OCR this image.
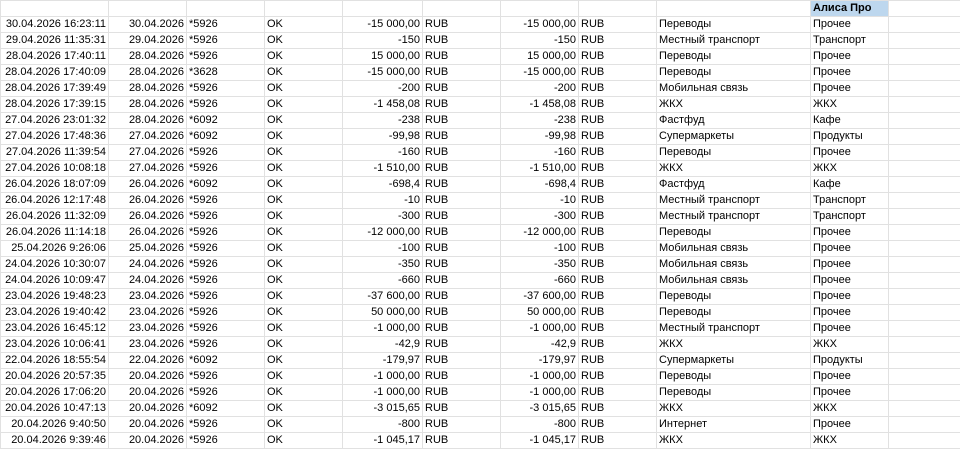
									Алиса Про	
30.04.2026 16:23:11	30.04.2026	*5926	OK	-15 000,00	RUB	-15 000,00	RUB	Переводы	Прочее	
29.04.2026 11:35:31	29.04.2026	*5926	OK	-150	RUB	-150	RUB	Местный транспорт	Транспорт	
28.04.2026 17:40:11	28.04.2026	*5926	OK	15 000,00	RUB	15 000,00	RUB	Переводы	Прочее	
28.04.2026 17:40:09	28.04.2026	*3628	OK	-15 000,00	RUB	-15 000,00	RUB	Переводы	Прочее	
28.04.2026 17:39:49	28.04.2026	*5926	OK	-200	RUB	-200	RUB	Мобильная связь	Прочее	
28.04.2026 17:39:15	28.04.2026	*5926	OK	-1 458,08	RUB	-1 458,08	RUB	ЖКХ	ЖКХ	
27.04.2026 23:01:32	28.04.2026	*6092	OK	-238	RUB	-238	RUB	Фастфуд	Кафе	
27.04.2026 17:48:36	27.04.2026	*6092	OK	-99,98	RUB	-99,98	RUB	Супермаркеты	Продукты	
27.04.2026 11:39:54	27.04.2026	*5926	OK	-160	RUB	-160	RUB	Переводы	Прочее	
27.04.2026 10:08:18	27.04.2026	*5926	OK	-1 510,00	RUB	-1 510,00	RUB	ЖКХ	ЖКХ	
26.04.2026 18:07:09	26.04.2026	*6092	OK	-698,4	RUB	-698,4	RUB	Фастфуд	Кафе	
26.04.2026 12:17:48	26.04.2026	*5926	OK	-10	RUB	-10	RUB	Местный транспорт	Транспорт	
26.04.2026 11:32:09	26.04.2026	*5926	OK	-300	RUB	-300	RUB	Местный транспорт	Транспорт	
26.04.2026 11:14:18	26.04.2026	*5926	OK	-12 000,00	RUB	-12 000,00	RUB	Переводы	Прочее	
25.04.2026 9:26:06	25.04.2026	*5926	OK	-100	RUB	-100	RUB	Мобильная связь	Прочее	
24.04.2026 10:30:07	24.04.2026	*5926	OK	-350	RUB	-350	RUB	Мобильная связь	Прочее	
24.04.2026 10:09:47	24.04.2026	*5926	OK	-660	RUB	-660	RUB	Мобильная связь	Прочее	
23.04.2026 19:48:23	23.04.2026	*5926	OK	-37 600,00	RUB	-37 600,00	RUB	Переводы	Прочее	
23.04.2026 19:40:42	23.04.2026	*5926	OK	50 000,00	RUB	50 000,00	RUB	Переводы	Прочее	
23.04.2026 16:45:12	23.04.2026	*5926	OK	-1 000,00	RUB	-1 000,00	RUB	Местный транспорт	Прочее	
23.04.2026 10:06:41	23.04.2026	*5926	OK	-42,9	RUB	-42,9	RUB	ЖКХ	ЖКХ	
22.04.2026 18:55:54	22.04.2026	*6092	OK	-179,97	RUB	-179,97	RUB	Супермаркеты	Продукты	
20.04.2026 20:57:35	20.04.2026	*5926	OK	-1 000,00	RUB	-1 000,00	RUB	Переводы	Прочее	
20.04.2026 17:06:20	20.04.2026	*5926	OK	-1 000,00	RUB	-1 000,00	RUB	Переводы	Прочее	
20.04.2026 10:47:13	20.04.2026	*6092	OK	-3 015,65	RUB	-3 015,65	RUB	ЖКХ	ЖКХ	
20.04.2026 9:40:50	20.04.2026	*5926	OK	-800	RUB	-800	RUB	Интернет	Прочее	
20.04.2026 9:39:46	20.04.2026	*5926	OK	-1 045,17	RUB	-1 045,17	RUB	ЖКХ	ЖКХ	
